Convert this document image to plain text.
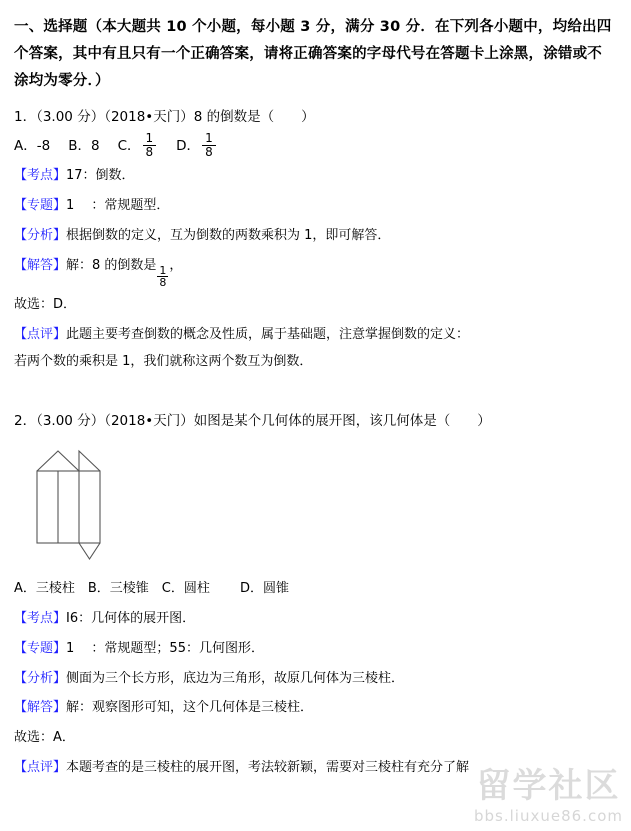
一、选择题（本大题共 10 个小题，每小题 3 分，满分 30 分．在下列各小题中，均给出四个答案，其中有且只有一个正确答案，请将正确答案的字母代号在答题卡上涂黑，涂错或不涂均为零分．）
1．（3.00 分）（2018•天门）8 的倒数是（　　）
A． -8 B． 8 C． $\frac{1}{8}$ D． $\frac{1}{8}$
【考点】17：倒数．
【专题】1 　：常规题型．
【分析】根据倒数的定义，互为倒数的两数乘积为 1，即可解答．
【解答】解：8 的倒数是 $\frac{1}{8}$ ，
故选：D．
【点评】此题主要考查倒数的概念及性质，属于基础题，注意掌握倒数的定义：
若两个数的乘积是 1，我们就称这两个数互为倒数．
2．（3.00 分）（2018•天门）如图是某个几何体的展开图，该几何体是（　　）
A．三棱柱　B．三棱锥　C．圆柱　　 D．圆锥
【考点】I6：几何体的展开图．
【专题】1 　：常规题型；55：几何图形．
【分析】侧面为三个长方形，底边为三角形，故原几何体为三棱柱．
【解答】解：观察图形可知，这个几何体是三棱柱．
故选：A．
【点评】本题考查的是三棱柱的展开图，考法较新颖，需要对三棱柱有充分了解 留学社区
bbs.liuxue86.com
